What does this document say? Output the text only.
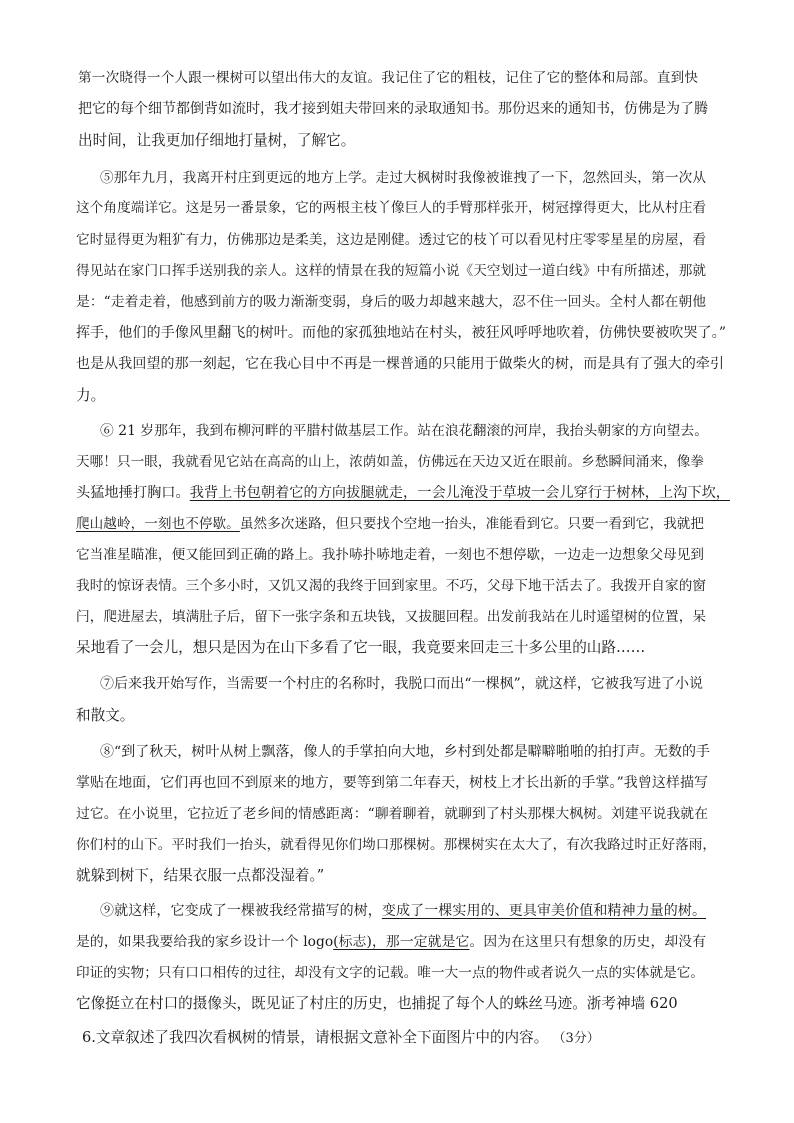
第一次晓得一个人跟一棵树可以望出伟大的友谊。我记住了它的粗枝，记住了它的整体和局部。直到快
把它的每个细节都倒背如流时，我才接到姐夫带回来的录取通知书。那份迟来的通知书，仿佛是为了腾
出时间，让我更加仔细地打量树，了解它。
⑤那年九月，我离开村庄到更远的地方上学。走过大枫树时我像被谁拽了一下，忽然回头，第一次从
这个角度端详它。这是另一番景象，它的两根主枝丫像巨人的手臂那样张开，树冠撑得更大，比从村庄看
它时显得更为粗犷有力，仿佛那边是柔美，这边是刚健。透过它的枝丫可以看见村庄零零星星的房屋，看
得见站在家门口挥手送别我的亲人。这样的情景在我的短篇小说《天空划过一道白线》中有所描述，那就
是：“走着走着，他感到前方的吸力渐渐变弱，身后的吸力却越来越大，忍不住一回头。全村人都在朝他
挥手，他们的手像风里翻飞的树叶。而他的家孤独地站在村头，被狂风呼呼地吹着，仿佛快要被吹哭了。”
也是从我回望的那一刻起，它在我心目中不再是一棵普通的只能用于做柴火的树，而是具有了强大的牵引
力。
⑥ 21 岁那年，我到布柳河畔的平腊村做基层工作。站在浪花翻滚的河岸，我抬头朝家的方向望去。
天哪！只一眼，我就看见它站在高高的山上，浓荫如盖，仿佛远在天边又近在眼前。乡愁瞬间涌来，像拳
头猛地捶打胸口。我背上书包朝着它的方向拔腿就走，一会儿淹没于草坡一会儿穿行于树林，上沟下坎，
爬山越岭，一刻也不停歇。虽然多次迷路，但只要找个空地一抬头，准能看到它。只要一看到它，我就把
它当准星瞄准，便又能回到正确的路上。我扑哧扑哧地走着，一刻也不想停歇，一边走一边想象父母见到
我时的惊讶表情。三个多小时，又饥又渴的我终于回到家里。不巧，父母下地干活去了。我拨开自家的窗
闩，爬进屋去，填满肚子后，留下一张字条和五块钱，又拔腿回程。出发前我站在儿时遥望树的位置，呆
呆地看了一会儿，想只是因为在山下多看了它一眼，我竟要来回走三十多公里的山路……
⑦后来我开始写作，当需要一个村庄的名称时，我脱口而出“一棵枫”，就这样，它被我写进了小说
和散文。
⑧“到了秋天，树叶从树上飘落，像人的手掌拍向大地，乡村到处都是噼噼啪啪的拍打声。无数的手
掌贴在地面，它们再也回不到原来的地方，要等到第二年春天，树枝上才长出新的手掌。”我曾这样描写
过它。在小说里，它拉近了老乡间的情感距离：“聊着聊着，就聊到了村头那棵大枫树。刘建平说我就在
你们村的山下。平时我们一抬头，就看得见你们坳口那棵树。那棵树实在太大了，有次我路过时正好落雨，
就躲到树下，结果衣服一点都没湿着。”
⑨就这样，它变成了一棵被我经常描写的树，变成了一棵实用的、更具审美价值和精神力量的树。
是的，如果我要给我的家乡设计一个 logo(标志)，那一定就是它。因为在这里只有想象的历史，却没有
印证的实物；只有口口相传的过往，却没有文字的记载。唯一大一点的物件或者说久一点的实体就是它。
它像挺立在村口的摄像头，既见证了村庄的历史，也捕捉了每个人的蛛丝马迹。浙考神墙 620
6.文章叙述了我四次看枫树的情景，请根据文意补全下面图片中的内容。 （3分）
